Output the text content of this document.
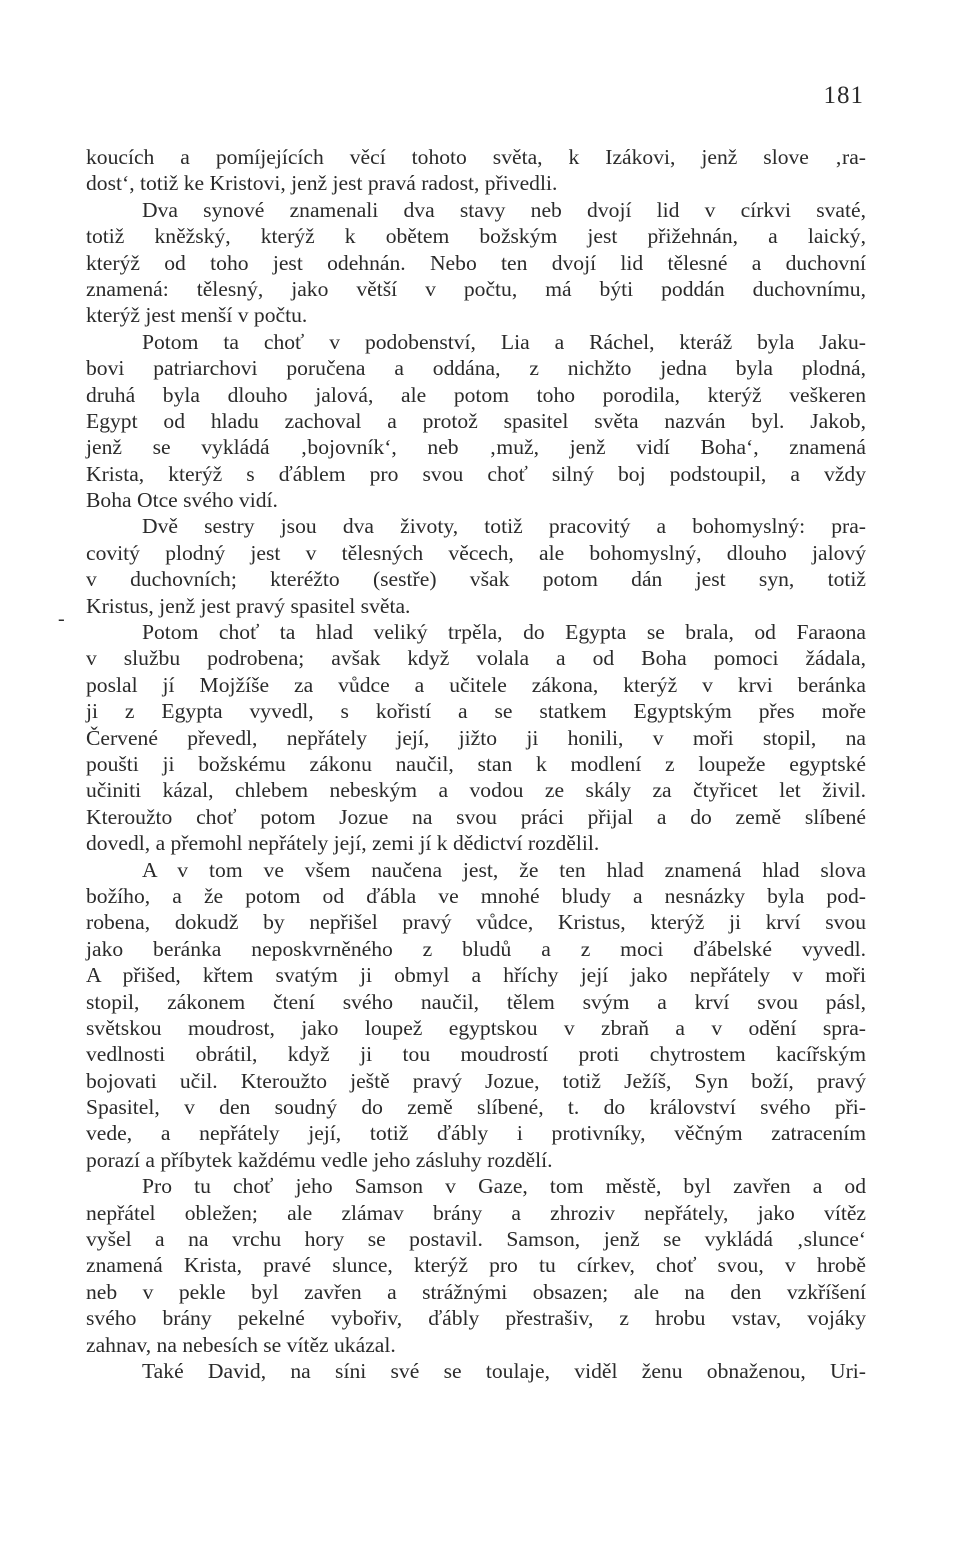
181
-
koucích a pomíjejících věcí tohoto světa, k Izákovi, jenž slove ‚ra-
dost‘, totiž ke Kristovi, jenž jest pravá radost, přivedli.
Dva synové znamenali dva stavy neb dvojí lid v církvi svaté,
totiž kněžský, kterýž k obětem božským jest přižehnán, a laický,
kterýž od toho jest odehnán. Nebo ten dvojí lid tělesné a duchovní
znamená: tělesný, jako větší v počtu, má býti poddán duchovnímu,
kterýž jest menší v počtu.
Potom ta choť v podobenství, Lia a Ráchel, kteráž byla Jaku-
bovi patriarchovi poručena a oddána, z nichžto jedna byla plodná,
druhá byla dlouho jalová, ale potom toho porodila, kterýž veškeren
Egypt od hladu zachoval a protož spasitel světa nazván byl. Jakob,
jenž se vykládá ‚bojovník‘, neb ‚muž, jenž vidí Boha‘, znamená
Krista, kterýž s ďáblem pro svou choť silný boj podstoupil, a vždy
Boha Otce svého vidí.
Dvě sestry jsou dva životy, totiž pracovitý a bohomyslný: pra-
covitý plodný jest v tělesných věcech, ale bohomyslný, dlouho jalový
v duchovních; kteréžto (sestře) však potom dán jest syn, totiž
Kristus, jenž jest pravý spasitel světa.
Potom choť ta hlad veliký trpěla, do Egypta se brala, od Faraona
v službu podrobena; avšak když volala a od Boha pomoci žádala,
poslal jí Mojžíše za vůdce a učitele zákona, kterýž v krvi beránka
ji z Egypta vyvedl, s kořistí a se statkem Egyptským přes moře
Červené převedl, nepřátely její, jižto ji honili, v moři stopil, na
poušti ji božskému zákonu naučil, stan k modlení z loupeže egyptské
učiniti kázal, chlebem nebeským a vodou ze skály za čtyřicet let živil.
Kteroužto choť potom Jozue na svou práci přijal a do země slíbené
dovedl, a přemohl nepřátely její, zemi jí k dědictví rozdělil.
A v tom ve všem naučena jest, že ten hlad znamená hlad slova
božího, a že potom od ďábla ve mnohé bludy a nesnázky byla pod-
robena, dokudž by nepřišel pravý vůdce, Kristus, kterýž ji krví svou
jako beránka neposkvrněného z bludů a z moci ďábelské vyvedl.
A přišed, křtem svatým ji obmyl a hříchy její jako nepřátely v moři
stopil, zákonem čtení svého naučil, tělem svým a krví svou pásl,
světskou moudrost, jako loupež egyptskou v zbraň a v odění spra-
vedlnosti obrátil, když ji tou moudrostí proti chytrostem kacířským
bojovati učil. Kteroužto ještě pravý Jozue, totiž Ježíš, Syn boží, pravý
Spasitel, v den soudný do země slíbené, t. do království svého při-
vede, a nepřátely její, totiž ďábly i protivníky, věčným zatracením
porazí a příbytek každému vedle jeho zásluhy rozdělí.
Pro tu choť jeho Samson v Gaze, tom městě, byl zavřen a od
nepřátel obležen; ale zlámav brány a zhroziv nepřátely, jako vítěz
vyšel a na vrchu hory se postavil. Samson, jenž se vykládá ‚slunce‘
znamená Krista, pravé slunce, kterýž pro tu církev, choť svou, v hrobě
neb v pekle byl zavřen a strážnými obsazen; ale na den vzkříšení
svého brány pekelné vybořiv, ďábly přestrašiv, z hrobu vstav, vojáky
zahnav, na nebesích se vítěz ukázal.
Také David, na síni své se toulaje, viděl ženu obnaženou, Uri-
